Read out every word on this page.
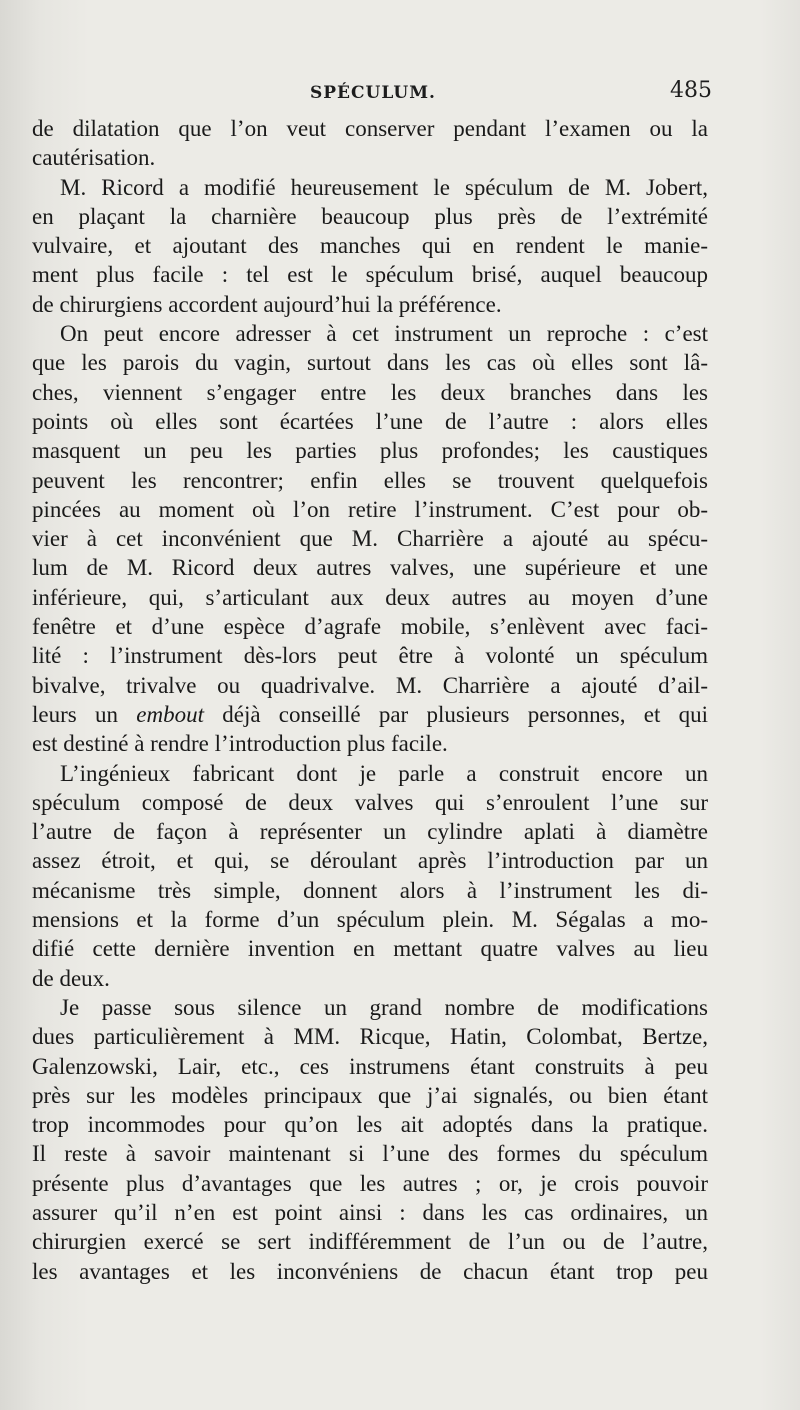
SPÉCULUM.	485
de dilatation que l’on veut conserver pendant l’examen ou la
cautérisation.
M. Ricord a modifié heureusement le spéculum de M. Jobert,
en plaçant la charnière beaucoup plus près de l’extrémité
vulvaire, et ajoutant des manches qui en rendent le manie-
ment plus facile : tel est le spéculum brisé, auquel beaucoup
de chirurgiens accordent aujourd’hui la préférence.
On peut encore adresser à cet instrument un reproche : c’est
que les parois du vagin, surtout dans les cas où elles sont lâ-
ches, viennent s’engager entre les deux branches dans les
points où elles sont écartées l’une de l’autre : alors elles
masquent un peu les parties plus profondes; les caustiques
peuvent les rencontrer; enfin elles se trouvent quelquefois
pincées au moment où l’on retire l’instrument. C’est pour ob-
vier à cet inconvénient que M. Charrière a ajouté au spécu-
lum de M. Ricord deux autres valves, une supérieure et une
inférieure, qui, s’articulant aux deux autres au moyen d’une
fenêtre et d’une espèce d’agrafe mobile, s’enlèvent avec faci-
lité : l’instrument dès-lors peut être à volonté un spéculum
bivalve, trivalve ou quadrivalve. M. Charrière a ajouté d’ail-
leurs un embout déjà conseillé par plusieurs personnes, et qui
est destiné à rendre l’introduction plus facile.
L’ingénieux fabricant dont je parle a construit encore un
spéculum composé de deux valves qui s’enroulent l’une sur
l’autre de façon à représenter un cylindre aplati à diamètre
assez étroit, et qui, se déroulant après l’introduction par un
mécanisme très simple, donnent alors à l’instrument les di-
mensions et la forme d’un spéculum plein. M. Ségalas a mo-
difié cette dernière invention en mettant quatre valves au lieu
de deux.
Je passe sous silence un grand nombre de modifications
dues particulièrement à MM. Ricque, Hatin, Colombat, Bertze,
Galenzowski, Lair, etc., ces instrumens étant construits à peu
près sur les modèles principaux que j’ai signalés, ou bien étant
trop incommodes pour qu’on les ait adoptés dans la pratique.
Il reste à savoir maintenant si l’une des formes du spéculum
présente plus d’avantages que les autres ; or, je crois pouvoir
assurer qu’il n’en est point ainsi : dans les cas ordinaires, un
chirurgien exercé se sert indifféremment de l’un ou de l’autre,
les avantages et les inconvéniens de chacun étant trop peu
